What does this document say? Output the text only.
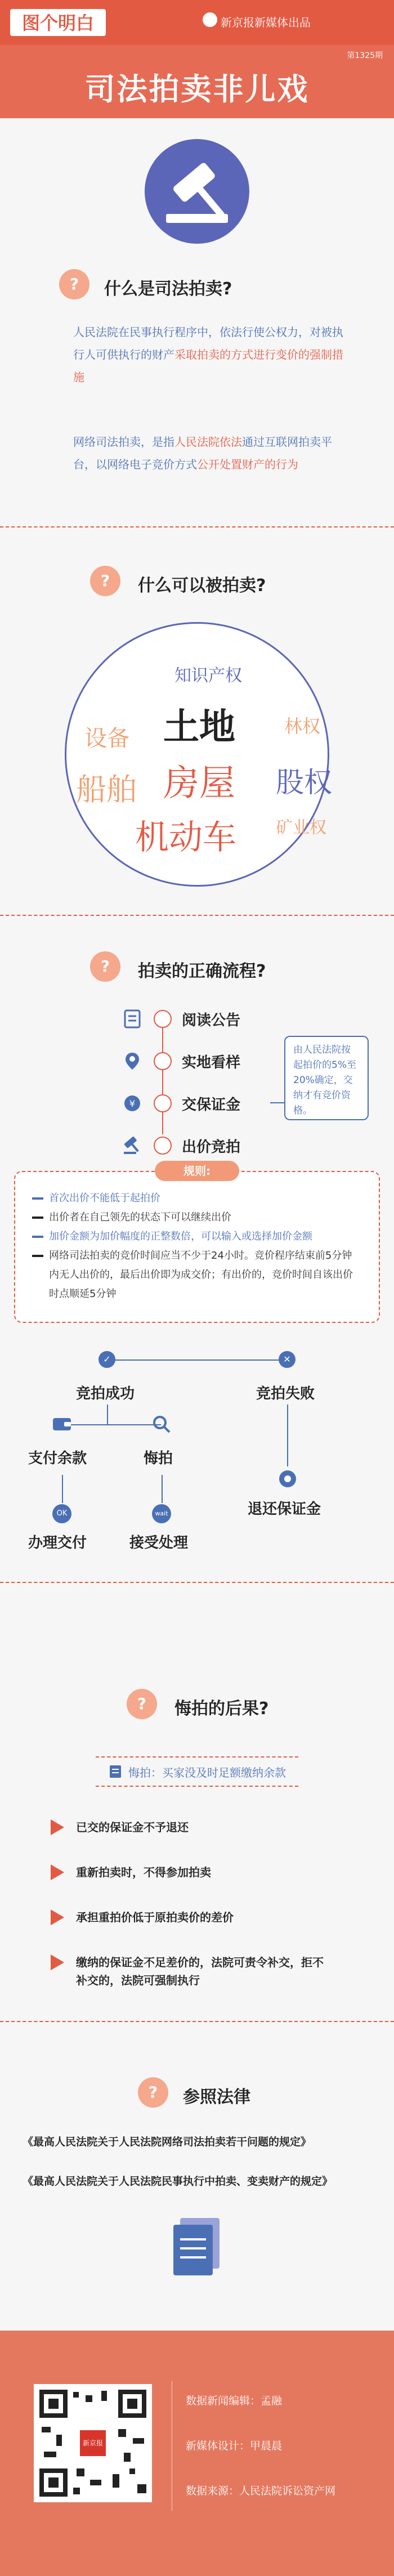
图个明白	新京报新媒体出品
第1325期
司法拍卖非儿戏
?	什么是司法拍卖?
人民法院在民事执行程序中，依法行使公权力，对被执行人可供执行的财产采取拍卖的方式进行变价的强制措施
网络司法拍卖，是指人民法院依法通过互联网拍卖平台，以网络电子竞价方式公开处置财产的行为
?	什么可以被拍卖?
知识产权
设备 土地	林权
船舶 房屋 股权
机动车 矿业权
?	拍卖的正确流程?
阅读公告
实地看样
¥	交保证金
出价竞拍
由人民法院按起拍价的5%至20%确定，交纳才有竞价资格。
首次出价不能低于起拍价
出价者在自己领先的状态下可以继续出价
加价金额为加价幅度的正整数倍，可以输入或选择加价金额
网络司法拍卖的竞价时间应当不少于24小时。竞价程序结束前5分钟内无人出价的，最后出价即为成交价；有出价的，竞价时间自该出价时点顺延5分钟
规则:
✓	✕
竞拍成功	竞拍失败
支付余款	悔拍
退还保证金
OK	wait
办理交付	接受处理
?	悔拍的后果?
悔拍：买家没及时足额缴纳余款
已交的保证金不予退还
重新拍卖时，不得参加拍卖
承担重拍价低于原拍卖价的差价
缴纳的保证金不足差价的，法院可责令补交，拒不补交的，法院可强制执行
?	参照法律
《最高人民法院关于人民法院网络司法拍卖若干问题的规定》
《最高人民法院关于人民法院民事执行中拍卖、变卖财产的规定》
新京报
数据新闻编辑：孟融
新媒体设计：甲晨晨
数据来源：人民法院诉讼资产网
